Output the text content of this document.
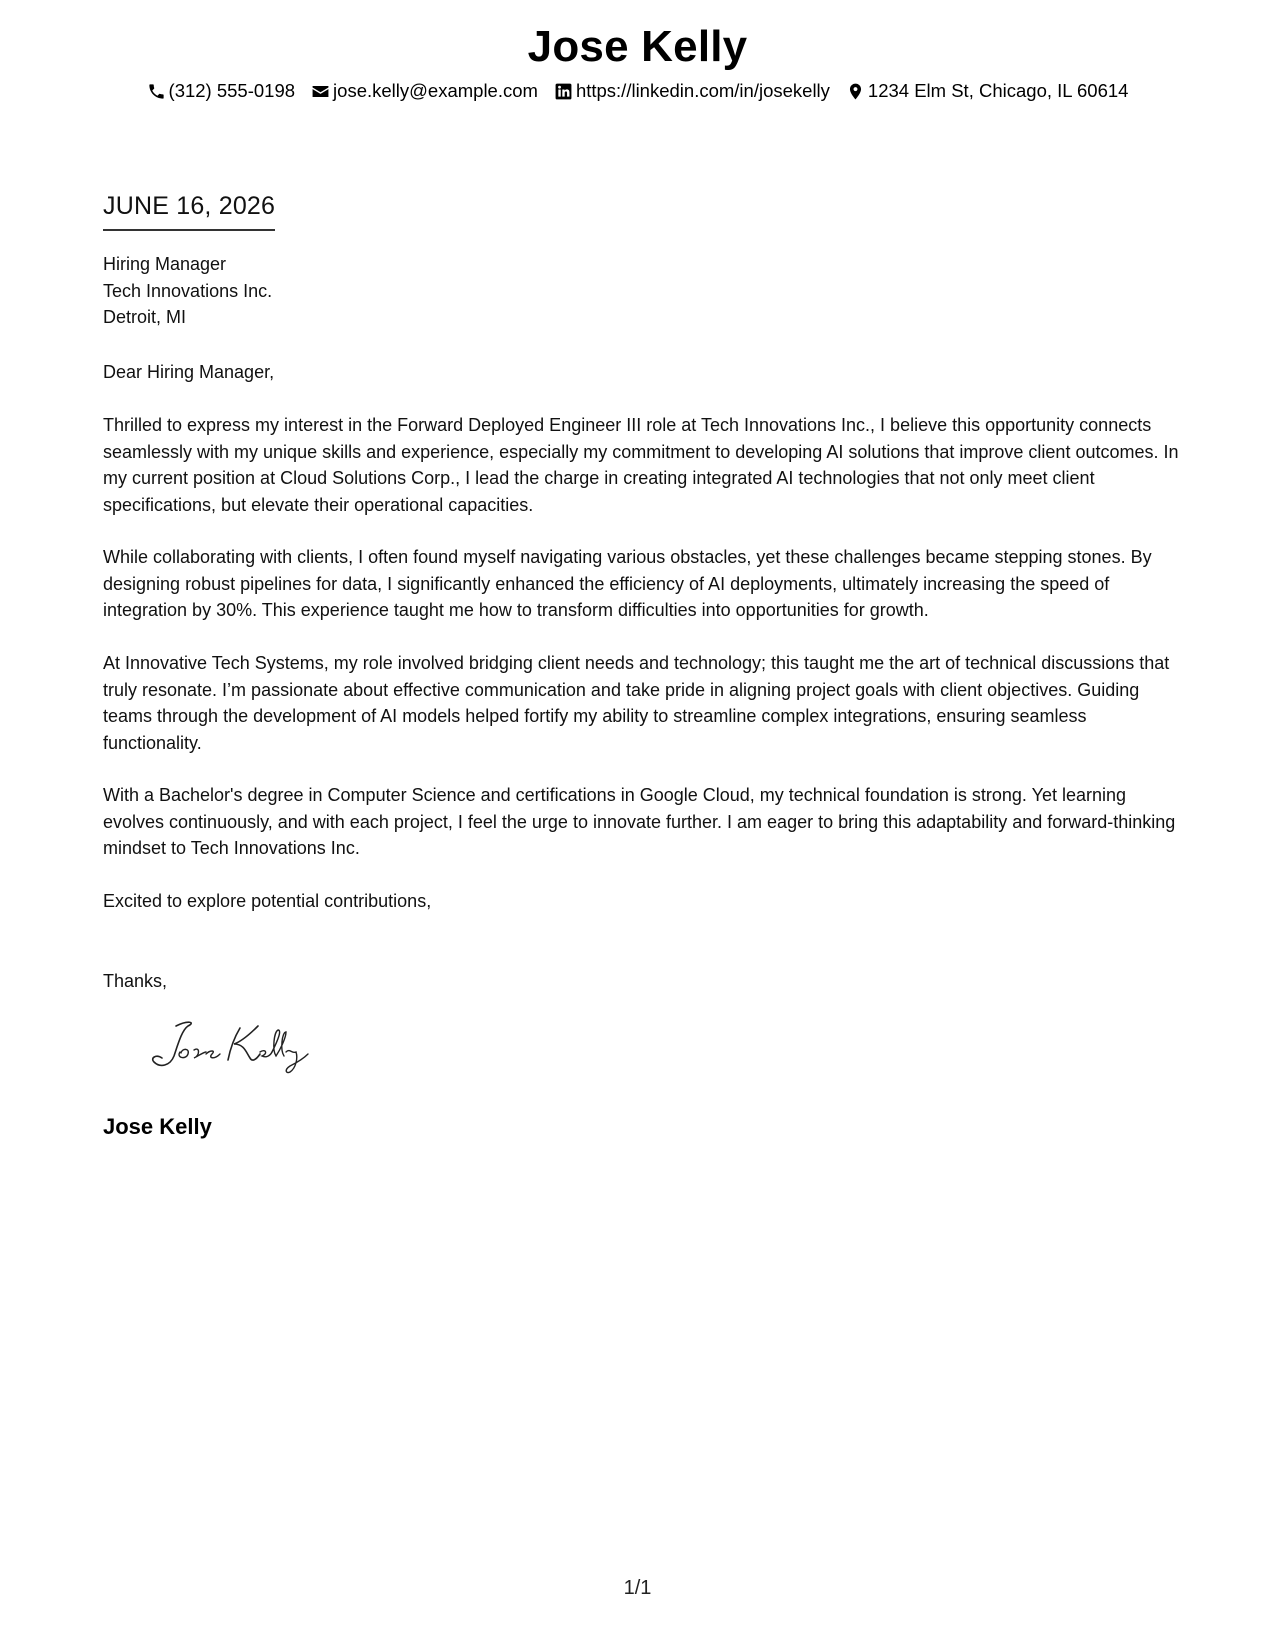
Jose Kelly
(312) 555-0198 jose.kelly@example.com https://linkedin.com/in/josekelly 1234 Elm St, Chicago, IL 60614
JUNE 16, 2026
Hiring Manager
Tech Innovations Inc.
Detroit, MI
Dear Hiring Manager,
Thrilled to express my interest in the Forward Deployed Engineer III role at Tech Innovations Inc., I believe this opportunity connects seamlessly with my unique skills and experience, especially my commitment to developing AI solutions that improve client outcomes. In my current position at Cloud Solutions Corp., I lead the charge in creating integrated AI technologies that not only meet client specifications, but elevate their operational capacities.
While collaborating with clients, I often found myself navigating various obstacles, yet these challenges became stepping stones. By designing robust pipelines for data, I significantly enhanced the efficiency of AI deployments, ultimately increasing the speed of integration by 30%. This experience taught me how to transform difficulties into opportunities for growth.
At Innovative Tech Systems, my role involved bridging client needs and technology; this taught me the art of technical discussions that truly resonate. I’m passionate about effective communication and take pride in aligning project goals with client objectives. Guiding teams through the development of AI models helped fortify my ability to streamline complex integrations, ensuring seamless functionality.
With a Bachelor's degree in Computer Science and certifications in Google Cloud, my technical foundation is strong. Yet learning evolves continuously, and with each project, I feel the urge to innovate further. I am eager to bring this adaptability and forward-thinking mindset to Tech Innovations Inc.
Excited to explore potential contributions,
Thanks,
Jose Kelly
1/1
